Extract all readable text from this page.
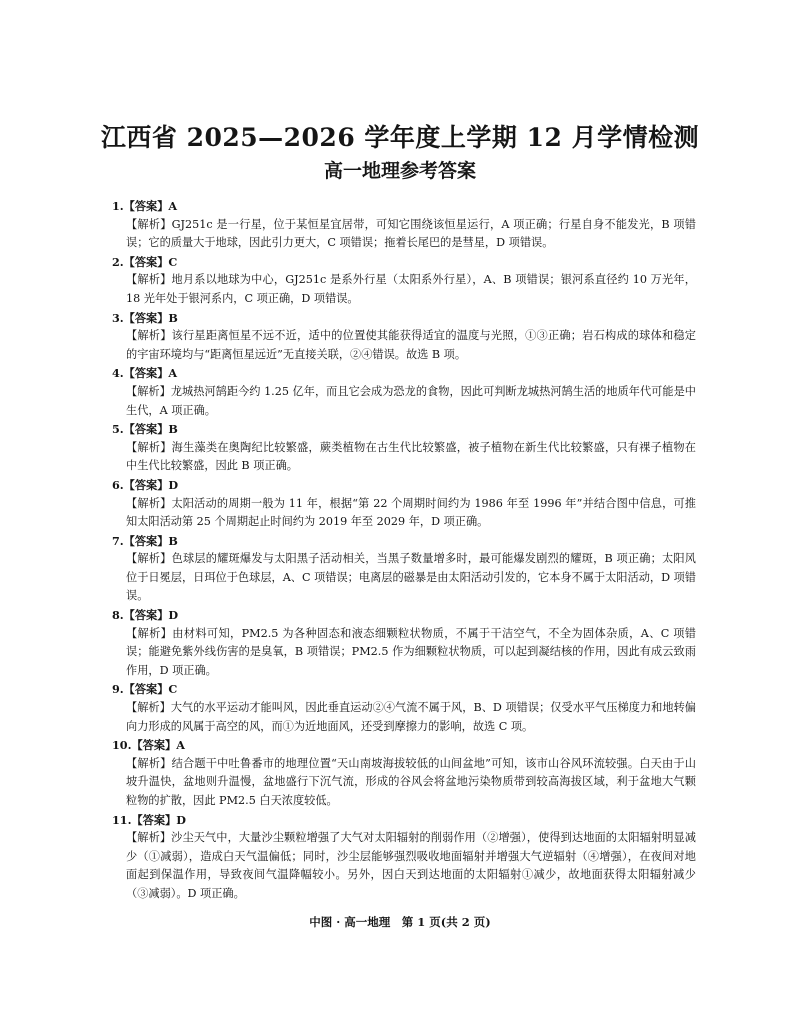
江西省 2025—2026 学年度上学期 12 月学情检测
高一地理参考答案

1.【答案】A

【解析】GJ251c 是一行星，位于某恒星宜居带，可知它围绕该恒星运行，A 项正确；行星自身不能发光，B 项错误；它的质量大于地球，因此引力更大，C 项错误；拖着长尾巴的是彗星，D 项错误。

2.【答案】C

【解析】地月系以地球为中心，GJ251c 是系外行星（太阳系外行星），A、B 项错误；银河系直径约 10 万光年，18 光年处于银河系内，C 项正确，D 项错误。

3.【答案】B

【解析】该行星距离恒星不远不近，适中的位置使其能获得适宜的温度与光照，①③正确；岩石构成的球体和稳定的宇宙环境均与“距离恒星远近”无直接关联，②④错误。故选 B 项。

4.【答案】A

【解析】龙城热河鹄距今约 1.25 亿年，而且它会成为恐龙的食物，因此可判断龙城热河鹄生活的地质年代可能是中生代，A 项正确。

5.【答案】B

【解析】海生藻类在奥陶纪比较繁盛，蕨类植物在古生代比较繁盛，被子植物在新生代比较繁盛，只有裸子植物在中生代比较繁盛，因此 B 项正确。

6.【答案】D

【解析】太阳活动的周期一般为 11 年，根据“第 22 个周期时间约为 1986 年至 1996 年”并结合图中信息，可推知太阳活动第 25 个周期起止时间约为 2019 年至 2029 年，D 项正确。

7.【答案】B

【解析】色球层的耀斑爆发与太阳黑子活动相关，当黑子数量增多时，最可能爆发剧烈的耀斑，B 项正确；太阳风位于日冕层，日珥位于色球层，A、C 项错误；电离层的磁暴是由太阳活动引发的，它本身不属于太阳活动，D 项错误。

8.【答案】D

【解析】由材料可知，PM2.5 为各种固态和液态细颗粒状物质，不属于干洁空气，不全为固体杂质，A、C 项错误；能避免紫外线伤害的是臭氧，B 项错误；PM2.5 作为细颗粒状物质，可以起到凝结核的作用，因此有成云致雨作用，D 项正确。

9.【答案】C

【解析】大气的水平运动才能叫风，因此垂直运动②④气流不属于风，B、D 项错误；仅受水平气压梯度力和地转偏向力形成的风属于高空的风，而①为近地面风，还受到摩擦力的影响，故选 C 项。

10.【答案】A

【解析】结合题干中吐鲁番市的地理位置“天山南坡海拔较低的山间盆地”可知，该市山谷风环流较强。白天由于山坡升温快，盆地则升温慢，盆地盛行下沉气流，形成的谷风会将盆地污染物质带到较高海拔区域，利于盆地大气颗粒物的扩散，因此 PM2.5 白天浓度较低。

11.【答案】D

【解析】沙尘天气中，大量沙尘颗粒增强了大气对太阳辐射的削弱作用（②增强），使得到达地面的太阳辐射明显减少（①减弱），造成白天气温偏低；同时，沙尘层能够强烈吸收地面辐射并增强大气逆辐射（④增强），在夜间对地面起到保温作用，导致夜间气温降幅较小。另外，因白天到达地面的太阳辐射①减少，故地面获得太阳辐射减少（③减弱）。D 项正确。

中图 · 高一地理　第 1 页(共 2 页)
